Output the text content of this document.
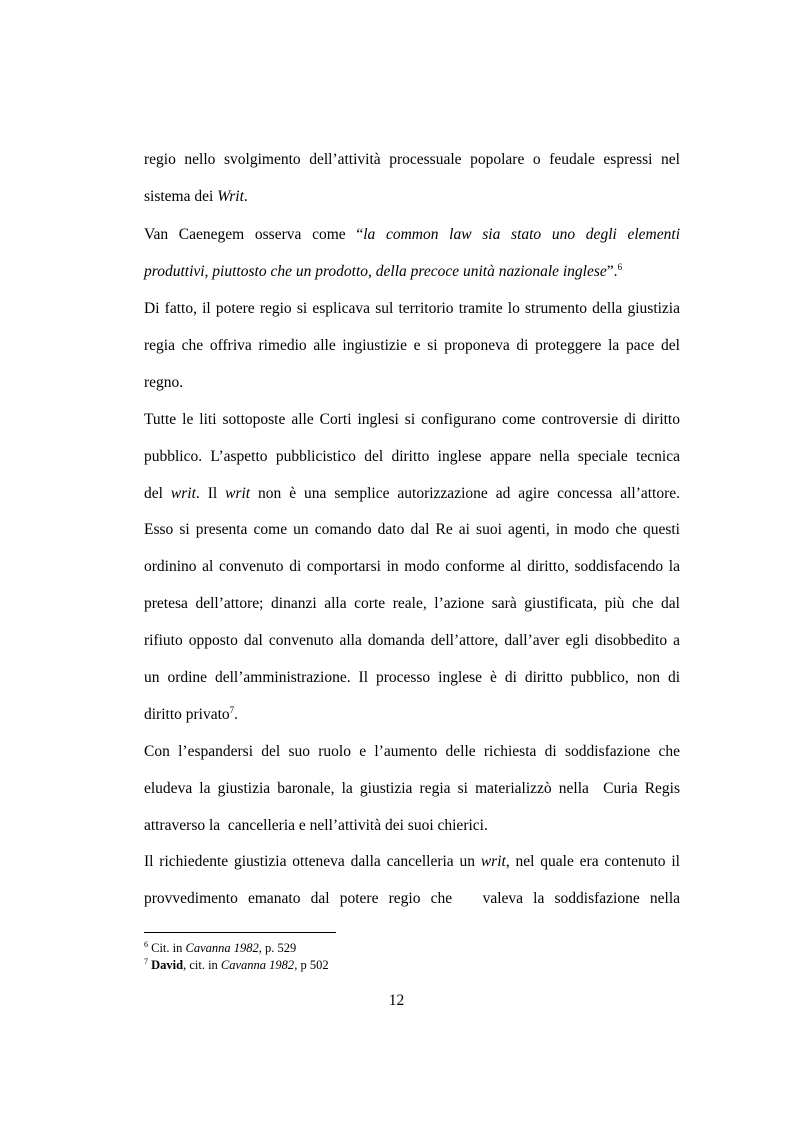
regio nello svolgimento dell’attività processuale popolare o feudale espressi nel
sistema dei Writ.
Van Caenegem osserva come “la common law sia stato uno degli elementi
produttivi, piuttosto che un prodotto, della precoce unità nazionale inglese”.$^6$
Di fatto, il potere regio si esplicava sul territorio tramite lo strumento della giustizia
regia che offriva rimedio alle ingiustizie e si proponeva di proteggere la pace del
regno.
Tutte le liti sottoposte alle Corti inglesi si configurano come controversie di diritto
pubblico. L’aspetto pubblicistico del diritto inglese appare nella speciale tecnica
del writ. Il writ non è una semplice autorizzazione ad agire concessa all’attore.
Esso si presenta come un comando dato dal Re ai suoi agenti, in modo che questi
ordinino al convenuto di comportarsi in modo conforme al diritto, soddisfacendo la
pretesa dell’attore; dinanzi alla corte reale, l’azione sarà giustificata, più che dal
rifiuto opposto dal convenuto alla domanda dell’attore, dall’aver egli disobbedito a
un ordine dell’amministrazione. Il processo inglese è di diritto pubblico, non di
diritto privato$^7$.
Con l’espandersi del suo ruolo e l’aumento delle richiesta di soddisfazione che
eludeva la giustizia baronale, la giustizia regia si materializzò nella  Curia Regis
attraverso la  cancelleria e nell’attività dei suoi chierici.
Il richiedente giustizia otteneva dalla cancelleria un writ, nel quale era contenuto il
provvedimento emanato dal potere regio che   valeva la soddisfazione nella
$^6$ Cit. in Cavanna 1982, p. 529
$^7$ David, cit. in Cavanna 1982, p 502
12
